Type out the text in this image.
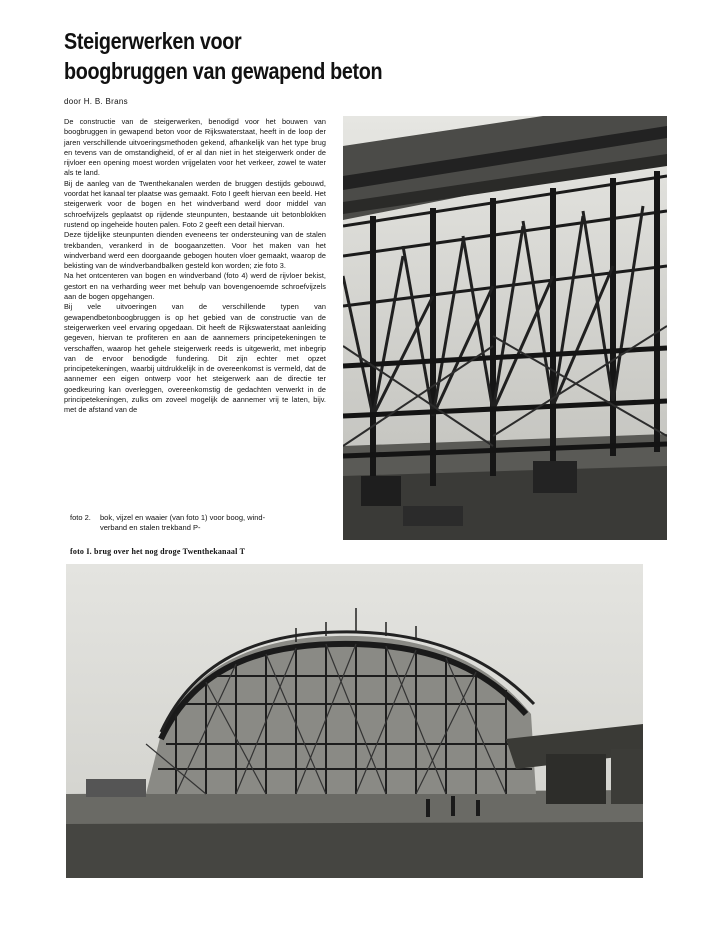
Steigerwerken voor
boogbruggen van gewapend beton
door H. B. Brans

De constructie van de steigerwerken, benodigd voor het bouwen van boogbruggen in gewapend beton voor de Rijkswaterstaat, heeft in de loop der jaren verschillende uitvoeringsmethoden gekend, afhankelijk van het type brug en tevens van de omstandigheid, of er al dan niet in het steigerwerk onder de rijvloer een opening moest worden vrijgelaten voor het verkeer, zowel te water als te land.

Bij de aanleg van de Twenthekanalen werden de bruggen destijds gebouwd, voordat het kanaal ter plaatse was gemaakt. Foto I geeft hiervan een beeld. Het steigerwerk voor de bogen en het windverband werd door middel van schroefvijzels geplaatst op rijdende steunpunten, bestaande uit betonblokken rustend op ingeheide houten palen. Foto 2 geeft een detail hiervan.

Deze tijdelijke steunpunten dienden eveneens ter ondersteuning van de stalen trekbanden, verankerd in de boogaanzetten. Voor het maken van het windverband werd een doorgaande gebogen houten vloer gemaakt, waarop de bekisting van de windverbandbalken gesteld kon worden; zie foto 3.

Na het ontcenteren van bogen en windverband (foto 4) werd de rijvloer bekist, gestort en na verharding weer met behulp van bovengenoemde schroefvijzels aan de bogen opgehangen.

Bij vele uitvoeringen van de verschillende typen van gewapendbetonboogbruggen is op het gebied van de constructie van de steigerwerken veel ervaring opgedaan. Dit heeft de Rijkswaterstaat aanleiding gegeven, hiervan te profiteren en aan de aannemers principetekeningen te verschaffen, waarop het gehele steigerwerk reeds is uitgewerkt, met inbegrip van de ervoor benodigde fundering. Dit zijn echter met opzet principetekeningen, waarbij uitdrukkelijk in de overeenkomst is vermeld, dat de aannemer een eigen ontwerp voor het steigerwerk aan de directie ter goedkeuring kan overleggen, overeenkomstig de gedachten verwerkt in de principetekeningen, zulks om zoveel mogelijk de aannemer vrij te laten, bijv. met de afstand van de

foto 2. bok, vijzel en waaier (van foto 1) voor boog, wind-
verband en stalen trekband P-
foto I. brug over het nog droge Twenthekanaal T
